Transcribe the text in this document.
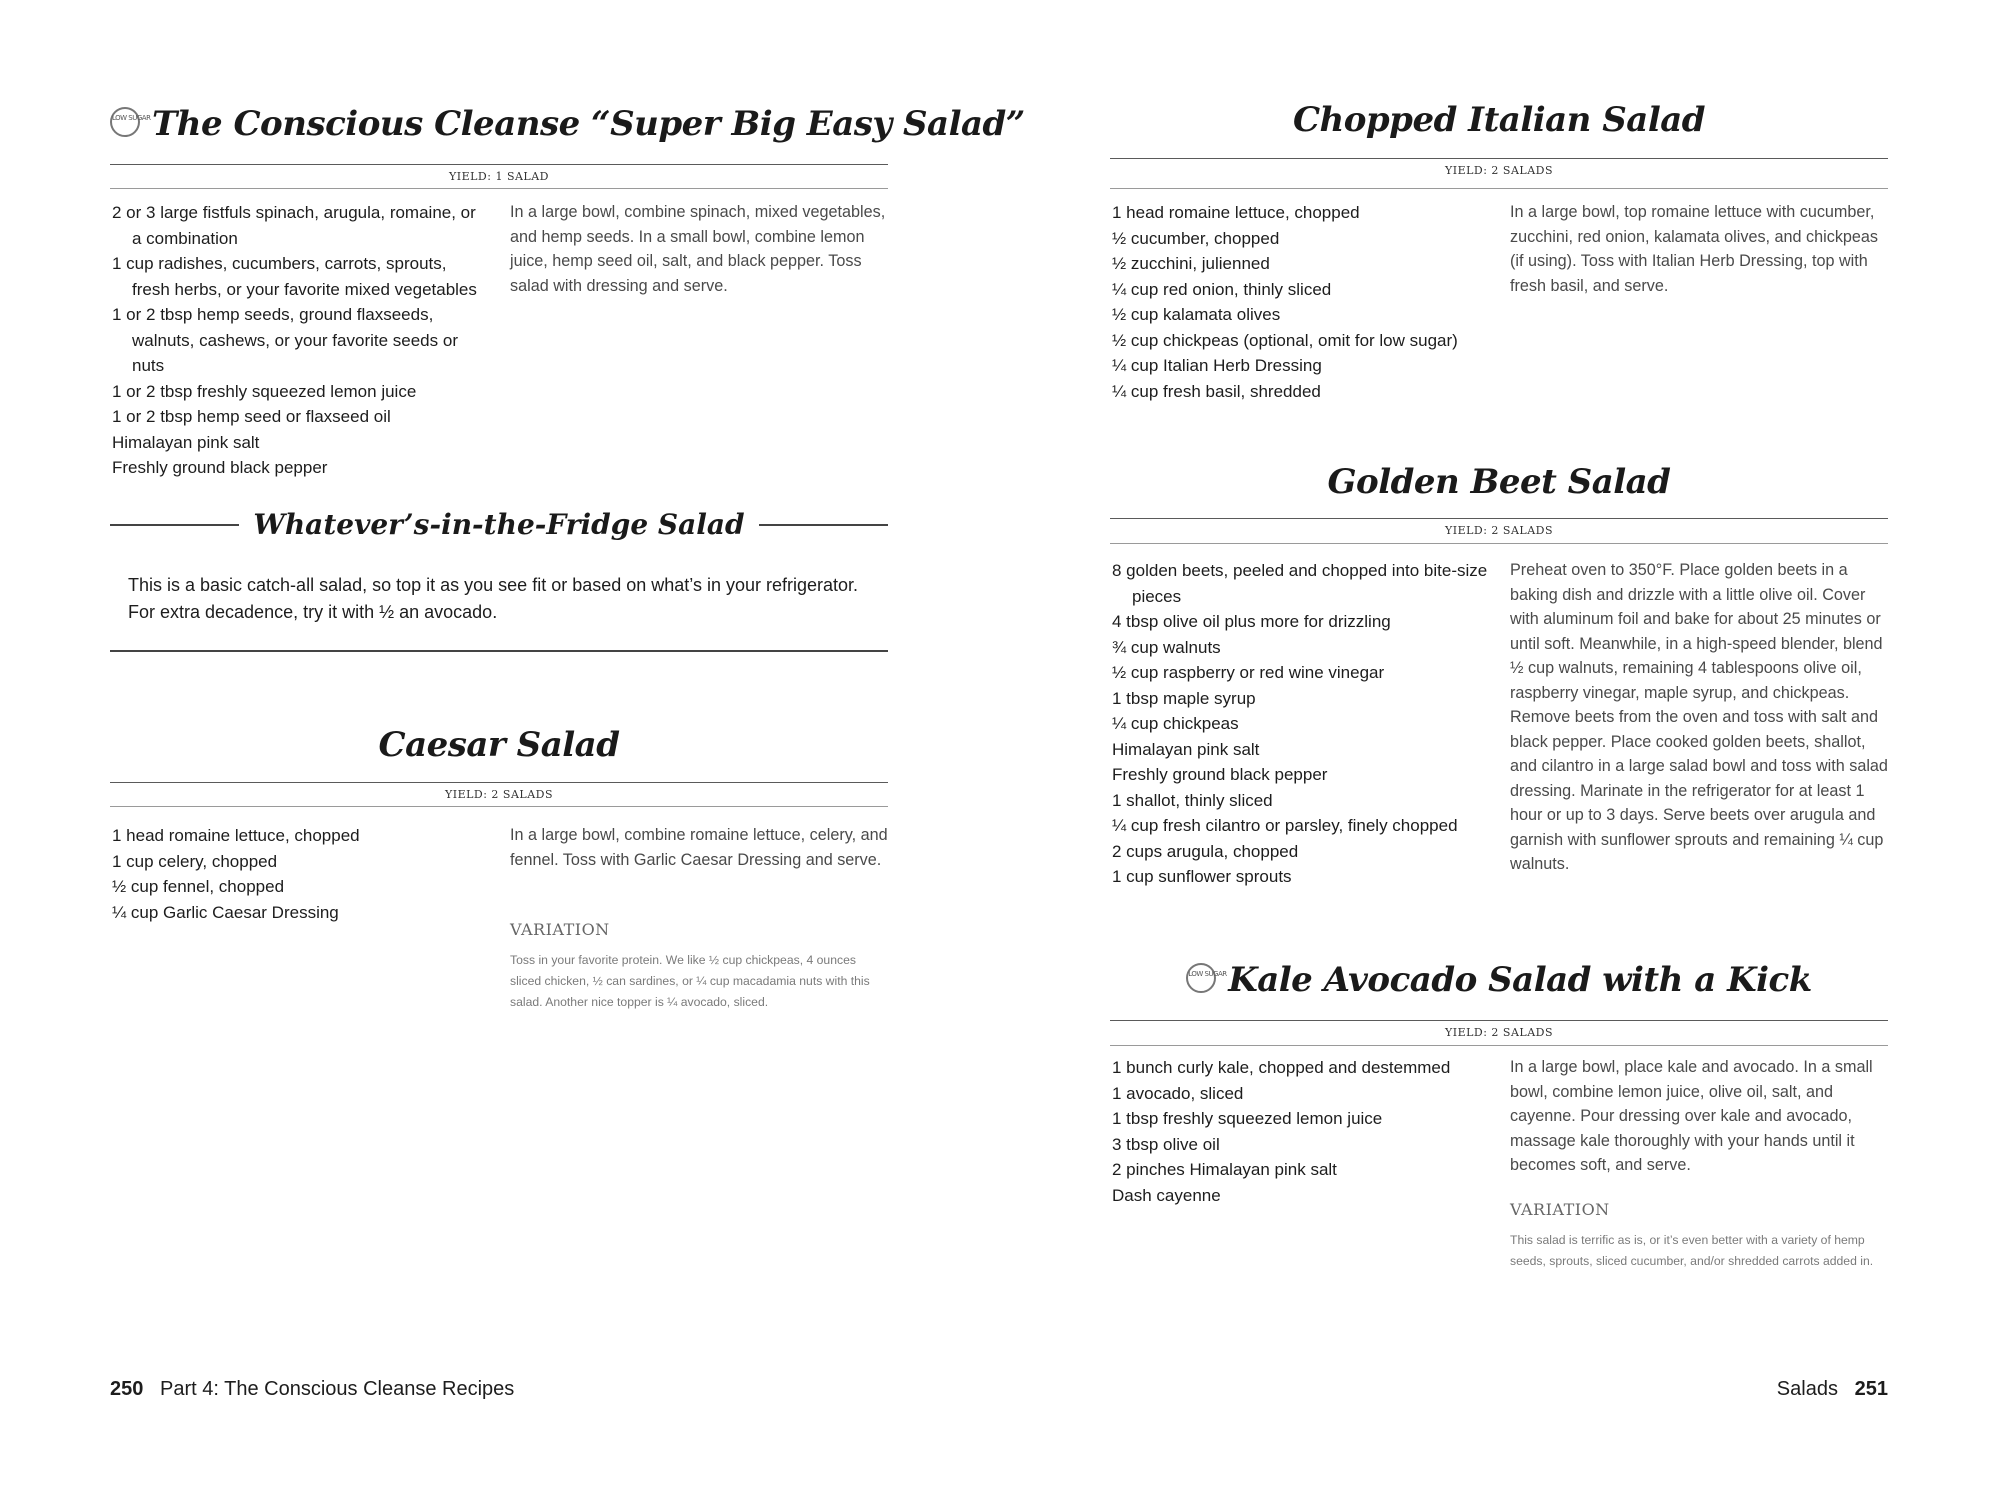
LOW SUGARThe Conscious Cleanse “Super Big Easy Salad”
YIELD: 1 SALAD
2 or 3 large fistfuls spinach, arugula, romaine, or a combination
1 cup radishes, cucumbers, carrots, sprouts, fresh herbs, or your favorite mixed vegetables
1 or 2 tbsp hemp seeds, ground flaxseeds, walnuts, cashews, or your favorite seeds or nuts
1 or 2 tbsp freshly squeezed lemon juice
1 or 2 tbsp hemp seed or flaxseed oil
Himalayan pink salt
Freshly ground black pepper

In a large bowl, combine spinach, mixed vegetables, and hemp seeds. In a small bowl, combine lemon juice, hemp seed oil, salt, and black pepper. Toss salad with dressing and serve.

Whatever’s-in-the-Fridge Salad

This is a basic catch-all salad, so top it as you see fit or based on what’s in your refrigerator. For extra decadence, try it with ½ an avocado.

Caesar Salad
YIELD: 2 SALADS
1 head romaine lettuce, chopped
1 cup celery, chopped
½ cup fennel, chopped
¼ cup Garlic Caesar Dressing

In a large bowl, combine romaine lettuce, celery, and fennel. Toss with Garlic Caesar Dressing and serve.

VARIATION

Toss in your favorite protein. We like ½ cup chickpeas, 4 ounces sliced chicken, ½ can sardines, or ¼ cup macadamia nuts with this salad. Another nice topper is ¼ avocado, sliced.

250 Part 4: The Conscious Cleanse Recipes
Chopped Italian Salad
YIELD: 2 SALADS
1 head romaine lettuce, chopped
½ cucumber, chopped
½ zucchini, julienned
¼ cup red onion, thinly sliced
½ cup kalamata olives
½ cup chickpeas (optional, omit for low sugar)
¼ cup Italian Herb Dressing
¼ cup fresh basil, shredded

In a large bowl, top romaine lettuce with cucumber, zucchini, red onion, kalamata olives, and chickpeas (if using). Toss with Italian Herb Dressing, top with fresh basil, and serve.

Golden Beet Salad
YIELD: 2 SALADS
8 golden beets, peeled and chopped into bite-size pieces
4 tbsp olive oil plus more for drizzling
¾ cup walnuts
½ cup raspberry or red wine vinegar
1 tbsp maple syrup
¼ cup chickpeas
Himalayan pink salt
Freshly ground black pepper
1 shallot, thinly sliced
¼ cup fresh cilantro or parsley, finely chopped
2 cups arugula, chopped
1 cup sunflower sprouts

Preheat oven to 350°F. Place golden beets in a baking dish and drizzle with a little olive oil. Cover with aluminum foil and bake for about 25 minutes or until soft. Meanwhile, in a high-speed blender, blend ½ cup walnuts, remaining 4 tablespoons olive oil, raspberry vinegar, maple syrup, and chickpeas. Remove beets from the oven and toss with salt and black pepper. Place cooked golden beets, shallot, and cilantro in a large salad bowl and toss with salad dressing. Marinate in the refrigerator for at least 1 hour or up to 3 days. Serve beets over arugula and garnish with sunflower sprouts and remaining ¼ cup walnuts.

LOW SUGARKale Avocado Salad with a Kick
YIELD: 2 SALADS
1 bunch curly kale, chopped and destemmed
1 avocado, sliced
1 tbsp freshly squeezed lemon juice
3 tbsp olive oil
2 pinches Himalayan pink salt
Dash cayenne

In a large bowl, place kale and avocado. In a small bowl, combine lemon juice, olive oil, salt, and cayenne. Pour dressing over kale and avocado, massage kale thoroughly with your hands until it becomes soft, and serve.

VARIATION

This salad is terrific as is, or it’s even better with a variety of hemp seeds, sprouts, sliced cucumber, and/or shredded carrots added in.

Salads 251
